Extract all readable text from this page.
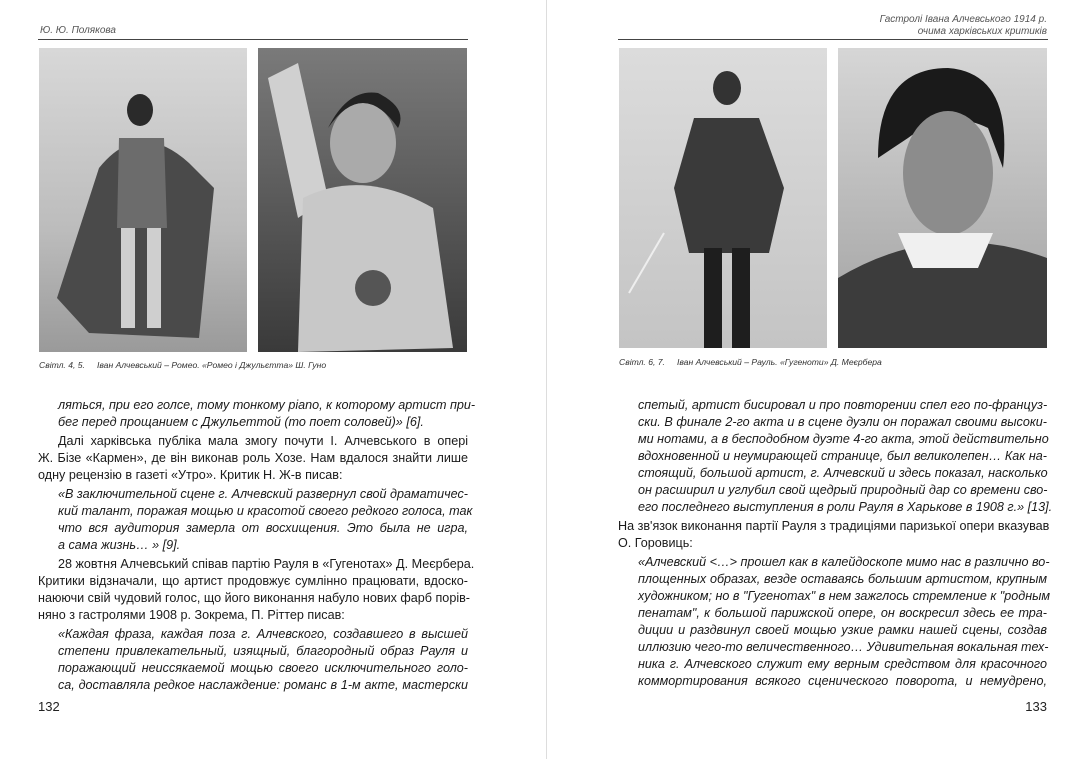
Ю. Ю. Полякова
Світл. 4, 5. Іван Алчевський – Ромео. «Ромео і Джульєтта» Ш. Гуно
ляться, при его голсе, тому тонкому piano, к которому артист при-
бег перед прощанием с Джульеттой (то поет соловей)» [6].
Далі харківська публіка мала змогу почути І. Алчевського в опері
Ж. Бізе «Кармен», де він виконав роль Хозе. Нам вдалося знайти лише
одну рецензію в газеті «Утро». Критик Н. Ж-в писав:
«В заключительной сцене г. Алчевский развернул свой драматичес-
кий талант, поражая мощью и красотой своего редкого голоса, так
что вся аудитория замерла от восхищения. Это была не игра,
а сама жизнь… » [9].
28 жовтня Алчевський співав партію Рауля в «Гугенотах» Д. Меєрбера.
Критики відзначали, що артист продовжує сумлінно працювати, вдоско-
наюючи свій чудовий голос, що його виконання набуло нових фарб порів-
няно з гастролями 1908 р. Зокрема, П. Ріттер писав:
«Каждая фраза, каждая поза г. Алчевского, создавшего в высшей
степени привлекательный, изящный, благородный образ Рауля и
поражающий неиссякаемой мощью своего исключительного голо-
са, доставляла редкое наслаждение: романс в 1-м акте, мастерски
132
Гастролі Івана Алчевського 1914 р.
очима харківських критиків
Світл. 6, 7. Іван Алчевський – Рауль. «Гугеноти» Д. Меєрбера
спетый, артист бисировал и про повторении спел его по-француз-
ски. В финале 2-го акта и в сцене дуэли он поражал своими высоки-
ми нотами, а в бесподобном дуэте 4-го акта, этой действительно
вдохновенной и неумирающей странице, был великолепен… Как на-
стоящий, большой артист, г. Алчевский и здесь показал, насколько
он расширил и углубил свой щедрый природный дар со времени сво-
его последнего выступления в роли Рауля в Харькове в 1908 г.» [13].
На зв'язок виконання партії Рауля з традиціями паризької опери вказував
О. Горовиць:
«Алчевский <…> прошел как в калейдоскопе мимо нас в различно во-
площенных образах, везде оставаясь большим артистом, крупным
художником; но в "Гугенотах" в нем зажглось стремление к "родным
пенатам", к большой парижской опере, он воскресил здесь ее тра-
диции и раздвинул своей мощью узкие рамки нашей сцены, создав
иллюзию чего-то величественного… Удивительная вокальная тех-
ника г. Алчевского служит ему верным средством для красочного
коммортирования всякого сценического поворота, и немудрено,
133
